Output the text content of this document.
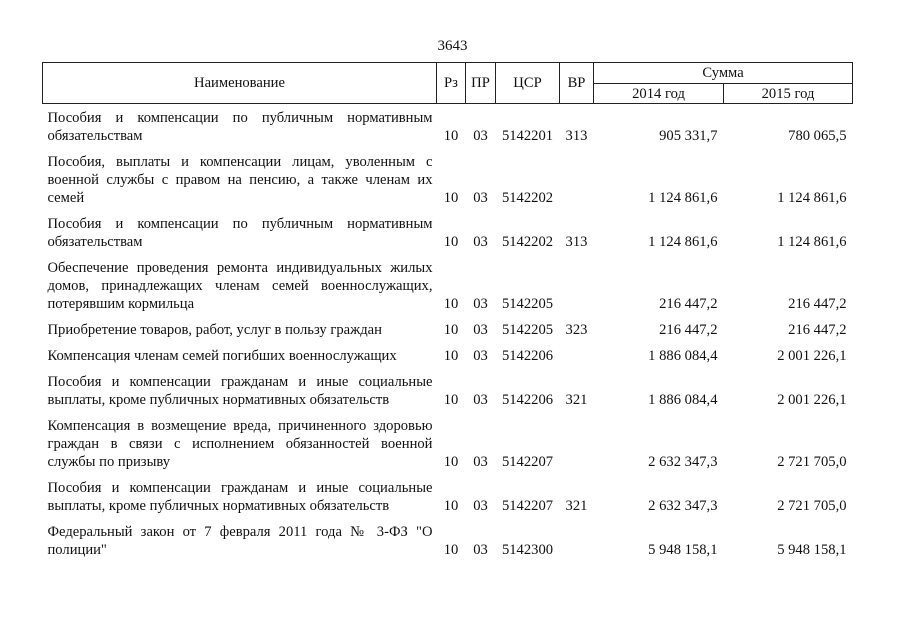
3643
Наименование	Рз	ПР	ЦСР	ВР	Сумма	
					2014 год	2015 год
Пособия и компенсации по публичным нормативным обязательствам	10	03	5142201	313	905 331,7	780 065,5
Пособия, выплаты и компенсации лицам, уволенным с военной службы с правом на пенсию, а также членам их семей	10	03	5142202		1 124 861,6	1 124 861,6
Пособия и компенсации по публичным нормативным обязательствам	10	03	5142202	313	1 124 861,6	1 124 861,6
Обеспечение проведения ремонта индивидуальных жилых домов, принадлежащих членам семей военнослужащих, потерявшим кормильца	10	03	5142205		216 447,2	216 447,2
Приобретение товаров, работ, услуг в пользу граждан	10	03	5142205	323	216 447,2	216 447,2
Компенсация членам семей погибших военнослужащих	10	03	5142206		1 886 084,4	2 001 226,1
Пособия и компенсации гражданам и иные социальные выплаты, кроме публичных нормативных обязательств	10	03	5142206	321	1 886 084,4	2 001 226,1
Компенсация в возмещение вреда, причиненного здоровью граждан в связи с исполнением обязанностей военной службы по призыву	10	03	5142207		2 632 347,3	2 721 705,0
Пособия и компенсации гражданам и иные социальные выплаты, кроме публичных нормативных обязательств	10	03	5142207	321	2 632 347,3	2 721 705,0
Федеральный закон от 7 февраля 2011 года № 3-ФЗ "О полиции"	10	03	5142300		5 948 158,1	5 948 158,1
